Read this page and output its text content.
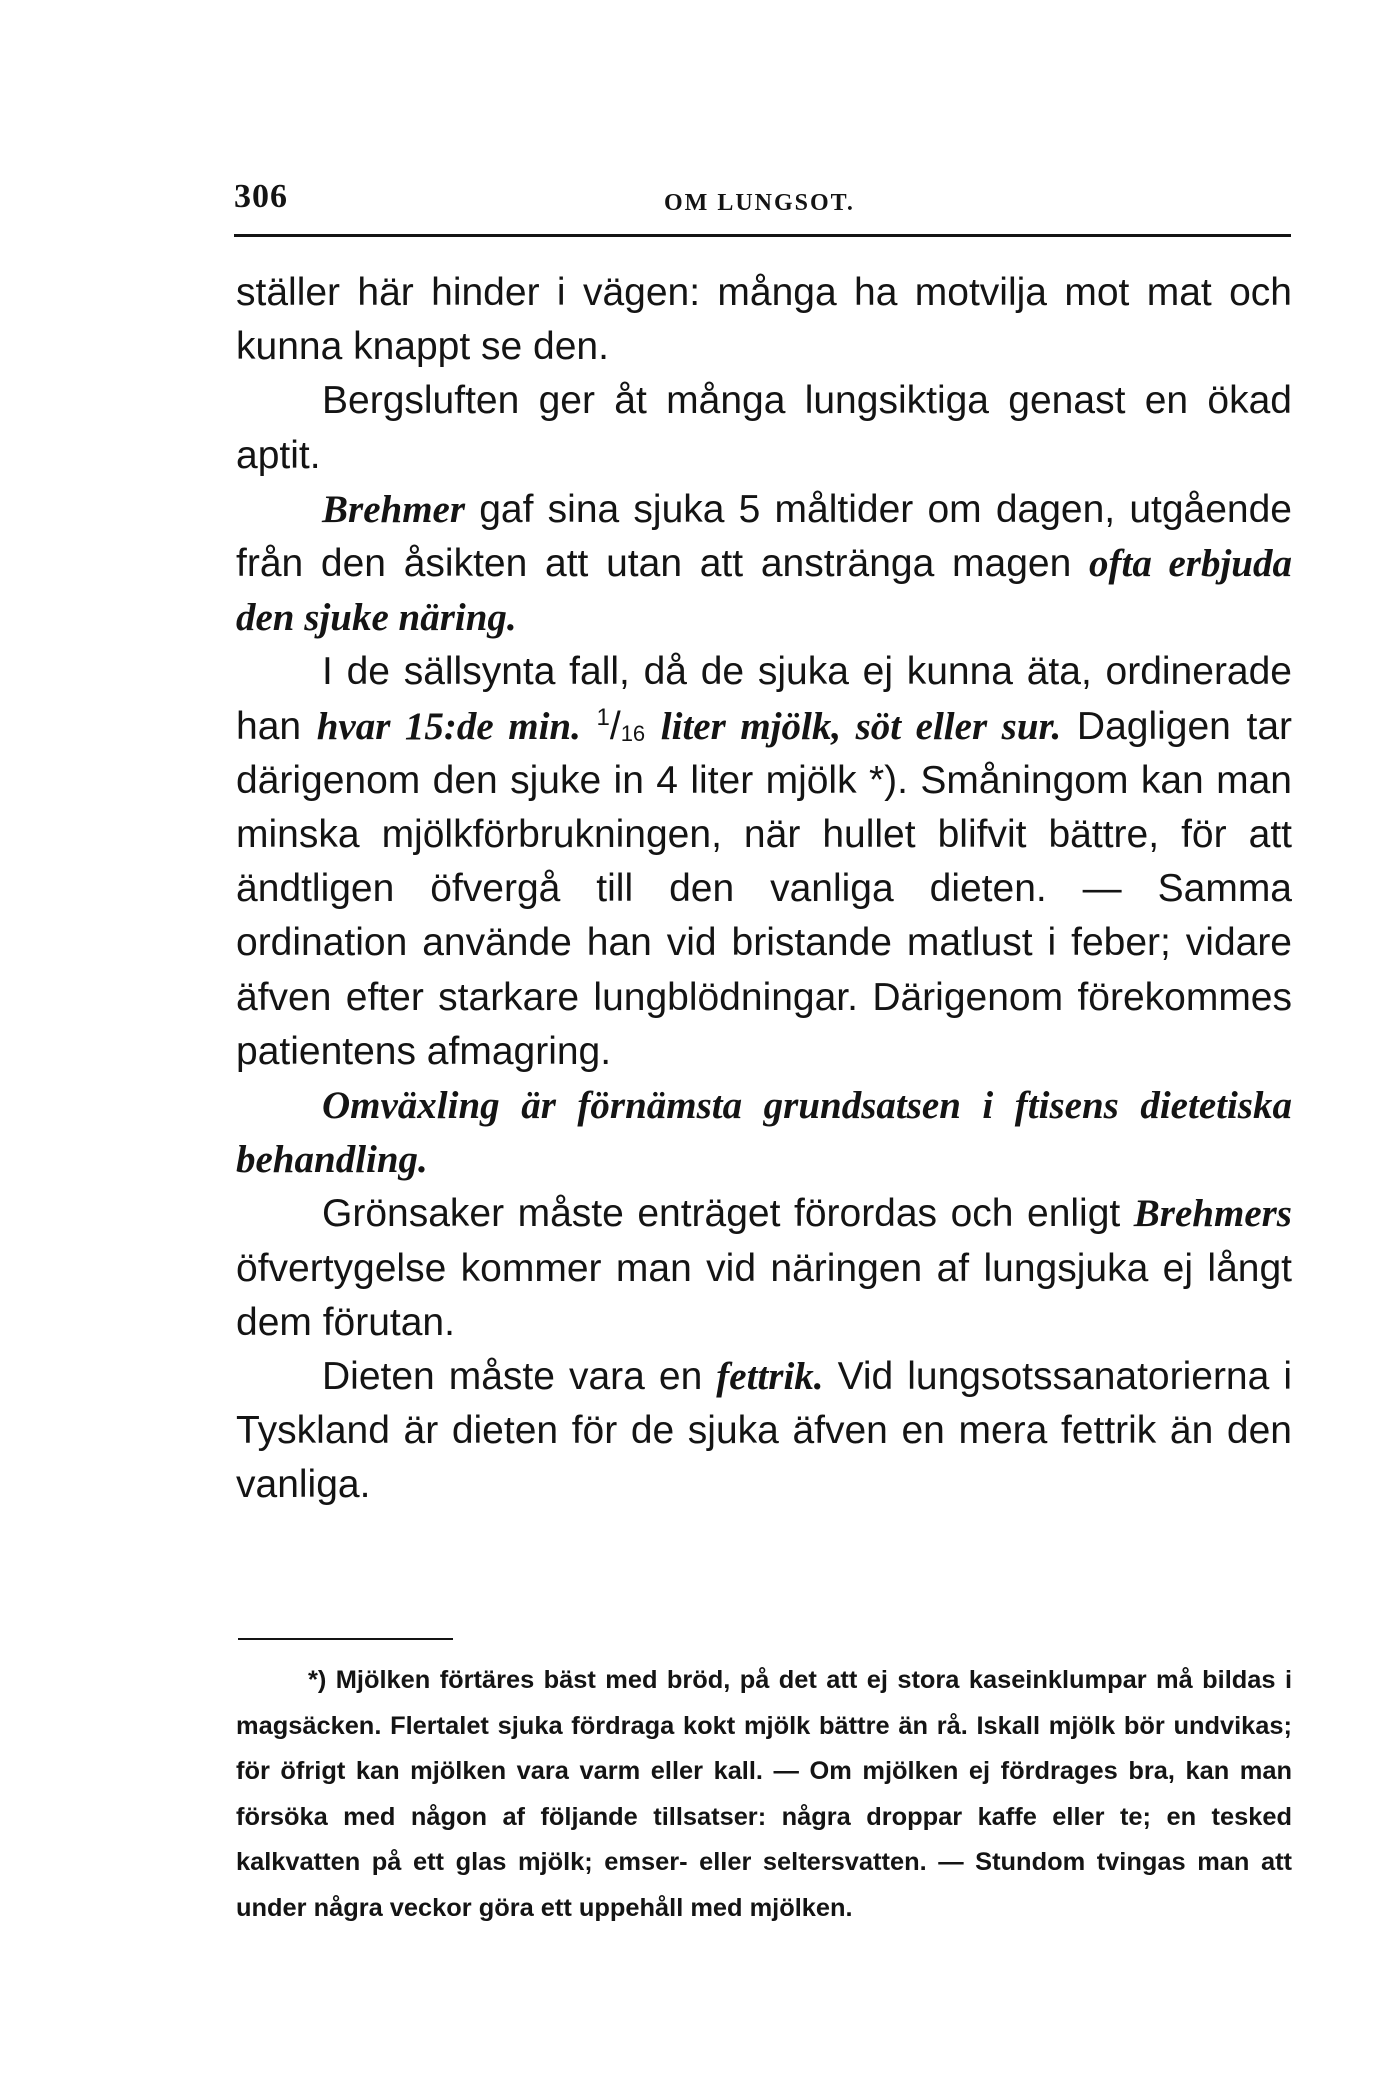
306	OM LUNGSOT.

ställer här hinder i vägen: många ha motvilja mot mat och kunna knappt se den.

Bergsluften ger åt många lungsiktiga genast en ökad aptit.

Brehmer gaf sina sjuka 5 måltider om dagen, utgående från den åsikten att utan att anstränga magen ofta erbjuda den sjuke näring.

I de sällsynta fall, då de sjuka ej kunna äta, ordinerade han hvar 15:de min. $^1/_{16}$ liter mjölk, söt eller sur. Dagligen tar därigenom den sjuke in 4 liter mjölk *). Småningom kan man minska mjölkförbrukningen, när hullet blifvit bättre, för att ändtligen öfvergå till den vanliga dieten. — Samma ordination använde han vid bristande matlust i feber; vidare äfven efter starkare lungblödningar. Därigenom förekommes patientens afmagring.

Omväxling är förnämsta grundsatsen i ftisens dietetiska behandling.

Grönsaker måste enträget förordas och enligt Brehmers öfvertygelse kommer man vid näringen af lungsjuka ej långt dem förutan.

Dieten måste vara en fettrik. Vid lungsotssanatorierna i Tyskland är dieten för de sjuka äfven en mera fettrik än den vanliga.

*) Mjölken förtäres bäst med bröd, på det att ej stora kaseinklumpar må bildas i magsäcken. Flertalet sjuka fördraga kokt mjölk bättre än rå. Iskall mjölk bör undvikas; för öfrigt kan mjölken vara varm eller kall. — Om mjölken ej fördrages bra, kan man försöka med någon af följande tillsatser: några droppar kaffe eller te; en tesked kalkvatten på ett glas mjölk; emser- eller seltersvatten. — Stundom tvingas man att under några veckor göra ett uppehåll med mjölken.
